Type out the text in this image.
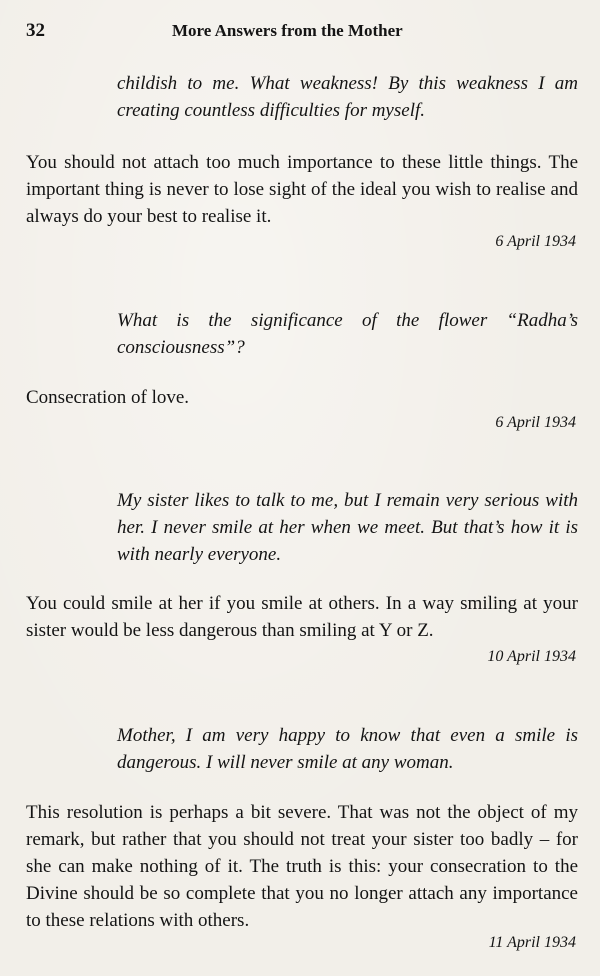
32	More Answers from the Mother
childish to me. What weakness! By this weakness I am creating countless difficulties for myself.
You should not attach too much importance to these little things. The important thing is never to lose sight of the ideal you wish to realise and always do your best to realise it.
6 April 1934
What is the significance of the flower “Radha’s consciousness”?
Consecration of love.
6 April 1934
My sister likes to talk to me, but I remain very serious with her. I never smile at her when we meet. But that’s how it is with nearly everyone.
You could smile at her if you smile at others. In a way smiling at your sister would be less dangerous than smiling at Y or Z.
10 April 1934
Mother, I am very happy to know that even a smile is dangerous. I will never smile at any woman.
This resolution is perhaps a bit severe. That was not the object of my remark, but rather that you should not treat your sister too badly – for she can make nothing of it. The truth is this: your consecration to the Divine should be so complete that you no longer attach any importance to these relations with others.
11 April 1934
